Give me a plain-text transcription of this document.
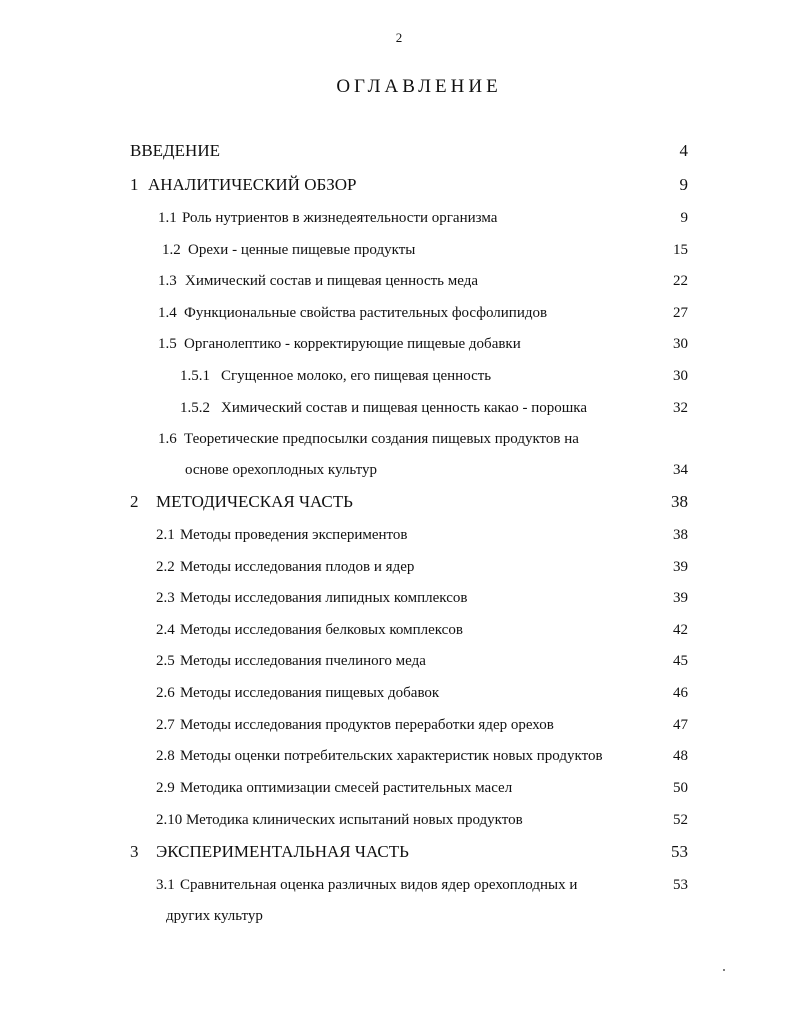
2
ОГЛАВЛЕНИЕ
ВВЕДЕНИЕ	4
1 АНАЛИТИЧЕСКИЙ ОБЗОР	9
1.1 Роль нутриентов в жизнедеятельности организма	9
1.2 Орехи - ценные пищевые продукты	15
1.3 Химический состав и пищевая ценность меда	22
1.4 Функциональные свойства растительных фосфолипидов	27
1.5 Органолептико - корректирующие пищевые добавки	30
1.5.1 Сгущенное молоко, его пищевая ценность	30
1.5.2 Химический состав и пищевая ценность какао - порошка	32
1.6 Теоретические предпосылки создания пищевых продуктов на
основе орехоплодных культур	34
2 МЕТОДИЧЕСКАЯ ЧАСТЬ	38
2.1 Методы проведения экспериментов	38
2.2 Методы исследования плодов и ядер	39
2.3 Методы исследования липидных комплексов	39
2.4 Методы исследования белковых комплексов	42
2.5 Методы исследования пчелиного меда	45
2.6 Методы исследования пищевых добавок	46
2.7 Методы исследования продуктов переработки ядер орехов	47
2.8 Методы оценки потребительских характеристик новых продуктов	48
2.9 Методика оптимизации смесей растительных масел	50
2.10 Методика клинических испытаний новых продуктов	52
3 ЭКСПЕРИМЕНТАЛЬНАЯ ЧАСТЬ	53
3.1 Сравнительная оценка различных видов ядер орехоплодных и	53
других культур
